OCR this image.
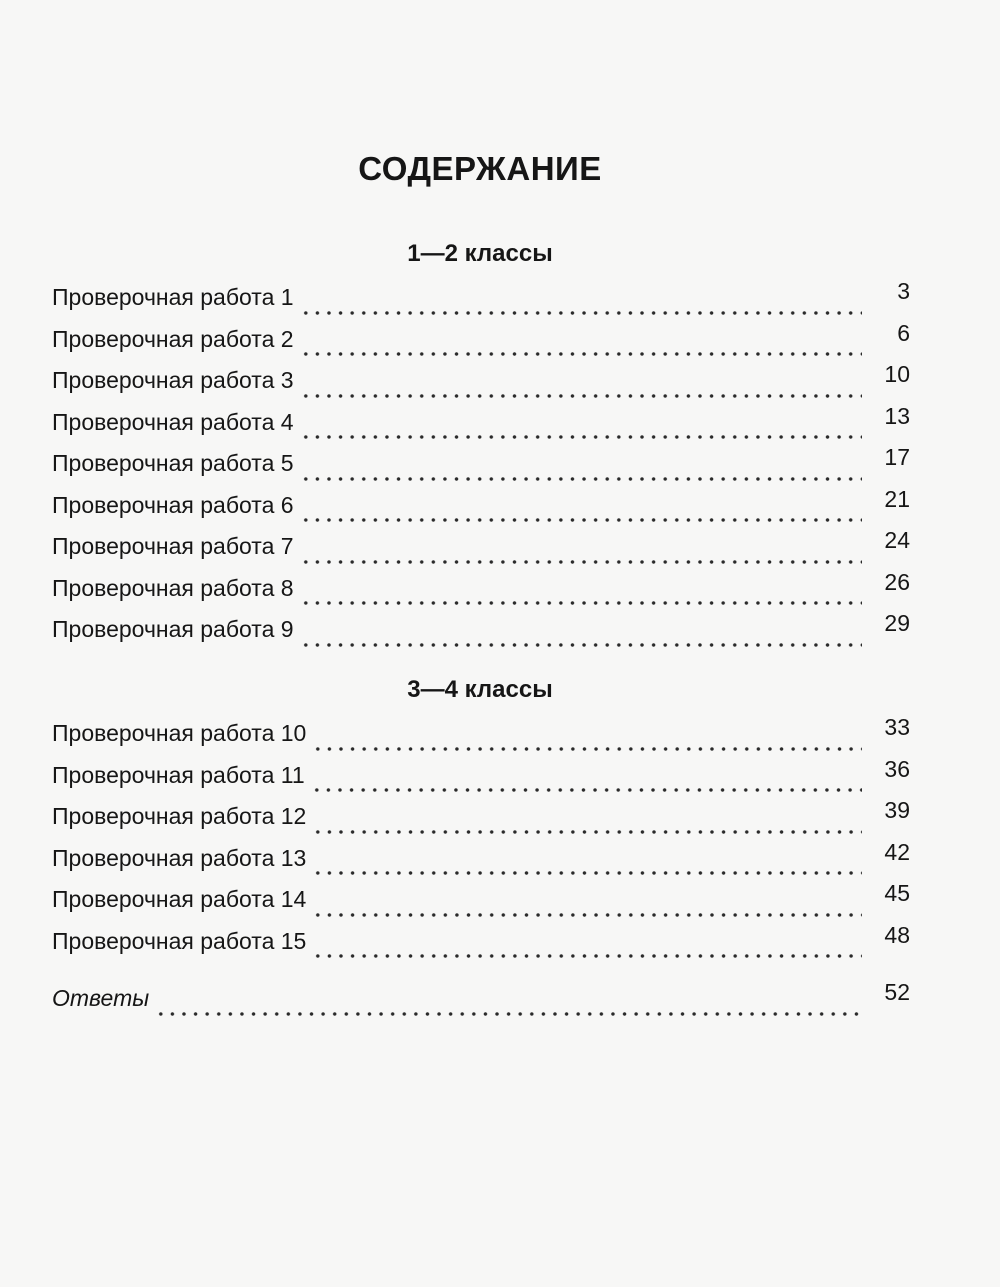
СОДЕРЖАНИЕ
1—2 классы
Проверочная работа 1	3
Проверочная работа 2	6
Проверочная работа 3	10
Проверочная работа 4	13
Проверочная работа 5	17
Проверочная работа 6	21
Проверочная работа 7	24
Проверочная работа 8	26
Проверочная работа 9	29
3—4 классы
Проверочная работа 10	33
Проверочная работа 11	36
Проверочная работа 12	39
Проверочная работа 13	42
Проверочная работа 14	45
Проверочная работа 15	48
Ответы	52
